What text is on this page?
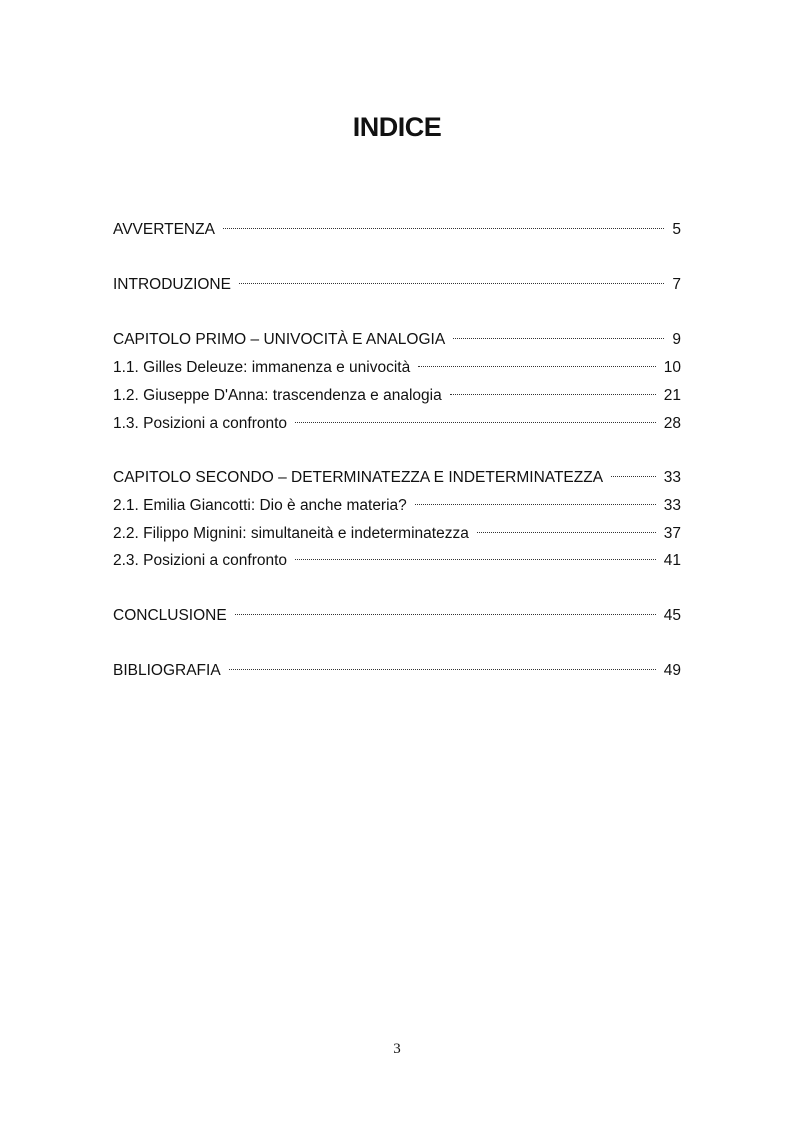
INDICE
AVVERTENZA	5
INTRODUZIONE	7
CAPITOLO PRIMO – UNIVOCITÀ E ANALOGIA	9
1.1. Gilles Deleuze: immanenza e univocità	10
1.2. Giuseppe D'Anna: trascendenza e analogia	21
1.3. Posizioni a confronto	28
CAPITOLO SECONDO – DETERMINATEZZA E INDETERMINATEZZA	33
2.1. Emilia Giancotti: Dio è anche materia?	33
2.2. Filippo Mignini: simultaneità e indeterminatezza	37
2.3. Posizioni a confronto	41
CONCLUSIONE	45
BIBLIOGRAFIA	49
3
